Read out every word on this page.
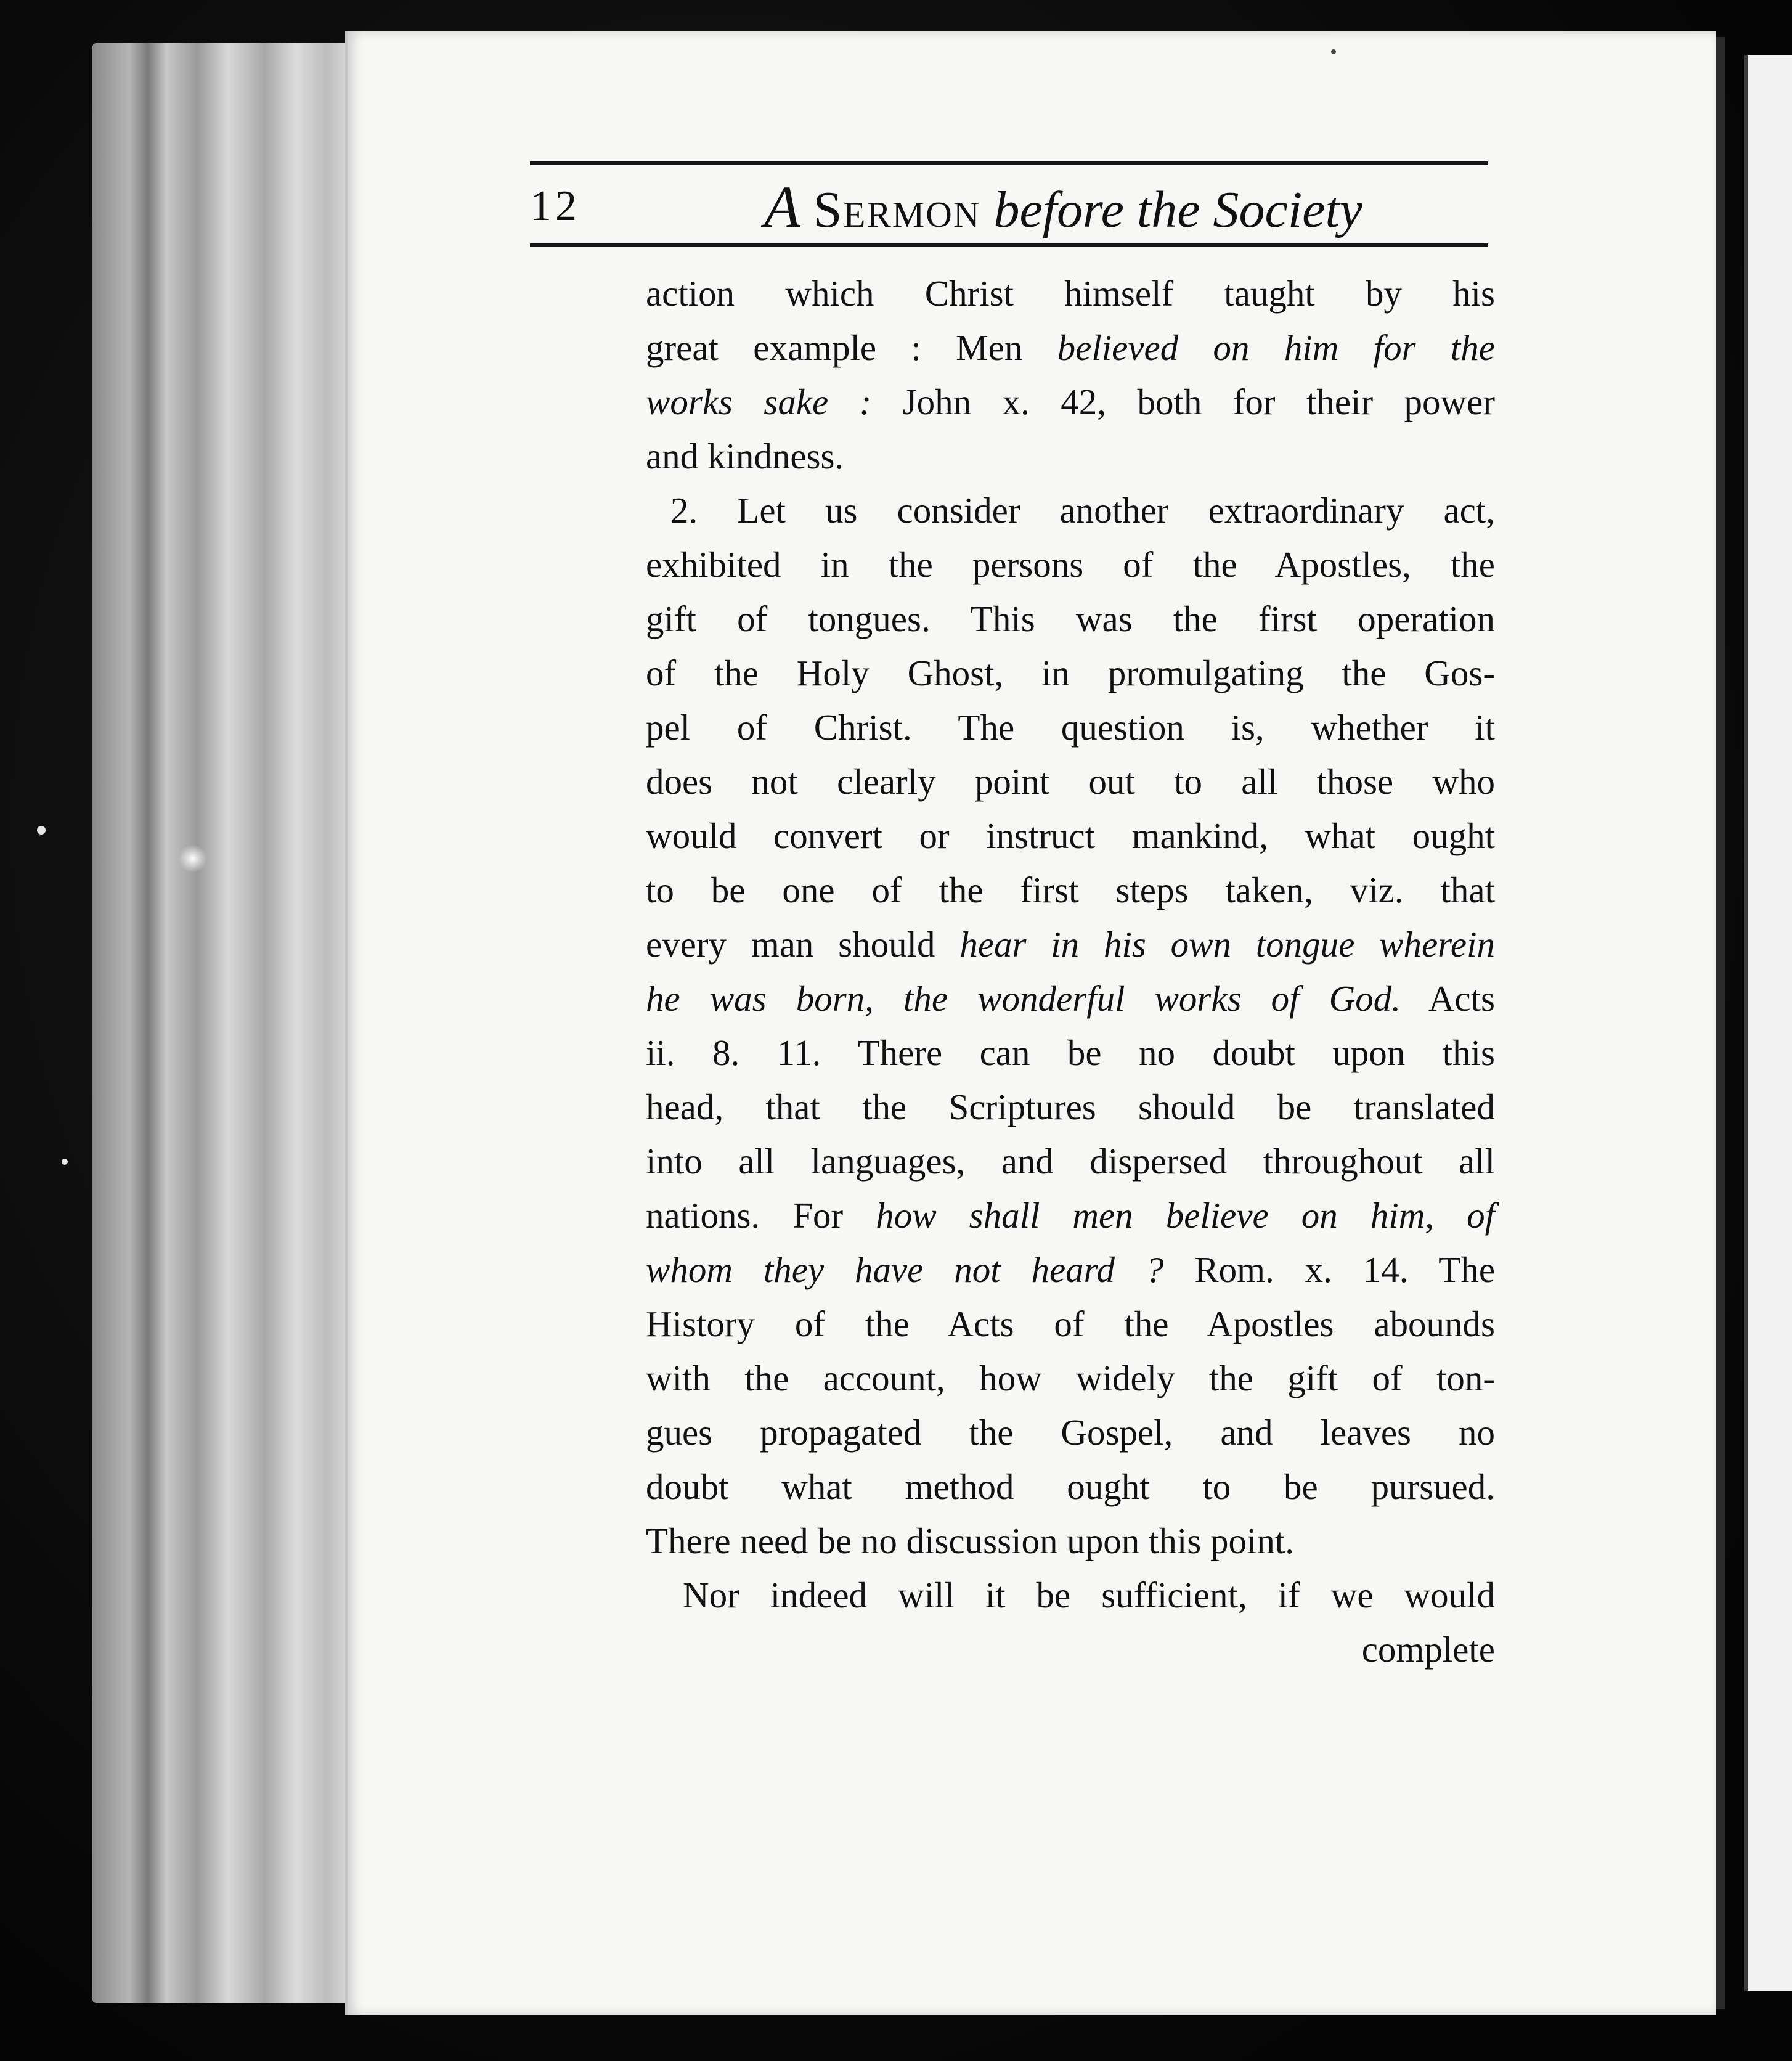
12	A Sermon before the Society
action which Christ himself taught by his
great example : Men believed on him for the
works sake : John x. 42, both for their power
and kindness.
2. Let us consider another extraordinary act,
exhibited in the persons of the Apostles, the
gift of tongues. This was the first operation
of the Holy Ghost, in promulgating the Gos-
pel of Christ. The question is, whether it
does not clearly point out to all those who
would convert or instruct mankind, what ought
to be one of the first steps taken, viz. that
every man should hear in his own tongue wherein
he was born, the wonderful works of God. Acts
ii. 8. 11. There can be no doubt upon this
head, that the Scriptures should be translated
into all languages, and dispersed throughout all
nations. For how shall men believe on him, of
whom they have not heard ? Rom. x. 14. The
History of the Acts of the Apostles abounds
with the account, how widely the gift of ton-
gues propagated the Gospel, and leaves no
doubt what method ought to be pursued.
There need be no discussion upon this point.
Nor indeed will it be sufficient, if we would
complete
